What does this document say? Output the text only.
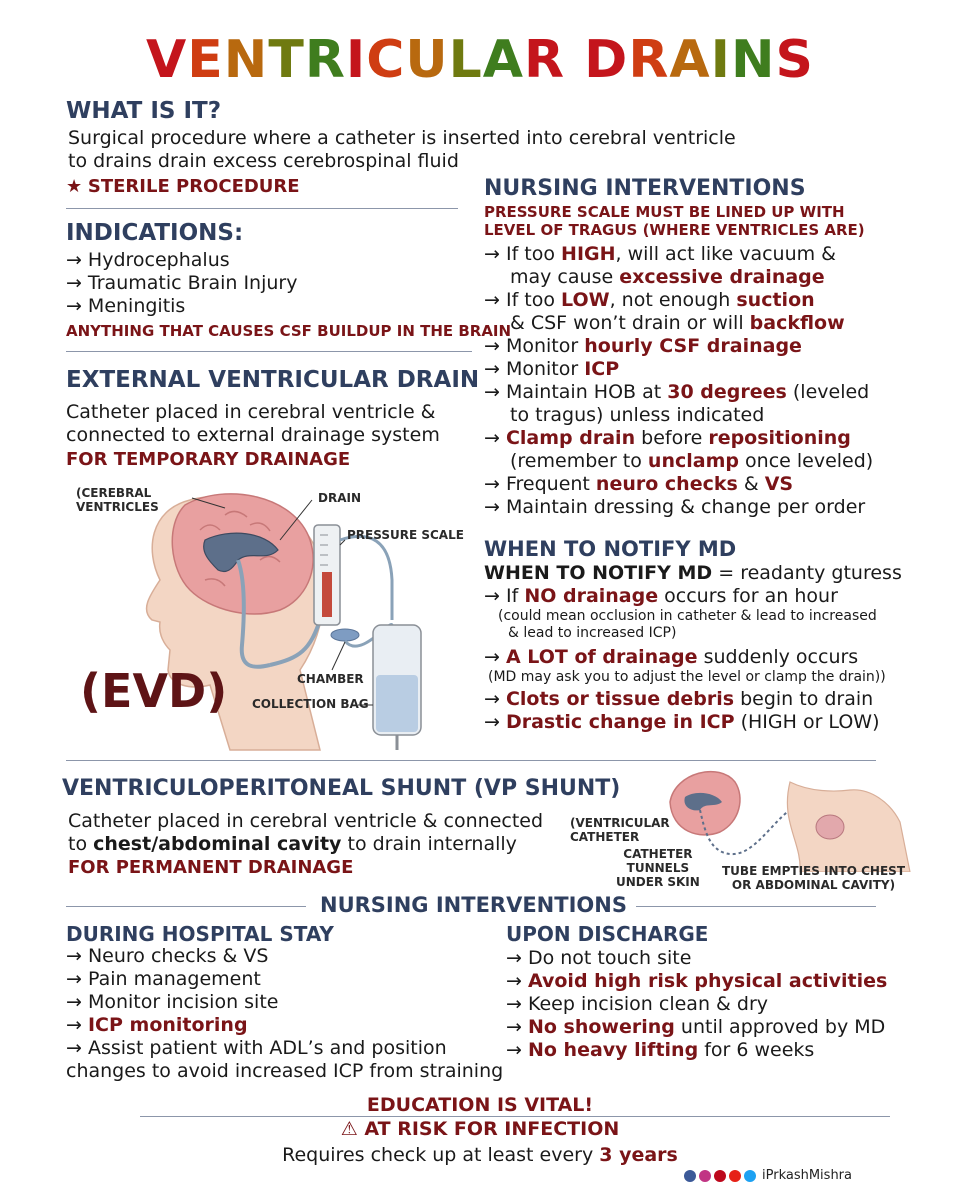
VENTRICULAR DRAINS
WHAT IS IT?
Surgical procedure where a catheter is inserted into cerebral ventricle
to drains drain excess cerebrospinal fluid
★ STERILE PROCEDURE
INDICATIONS:
→ Hydrocephalus
→ Traumatic Brain Injury
→ Meningitis
ANYTHING THAT CAUSES CSF BUILDUP IN THE BRAIN
EXTERNAL VENTRICULAR DRAIN
Catheter placed in cerebral ventricle &
connected to external drainage system
FOR TEMPORARY DRAINAGE
(CEREBRAL
VENTRICLES
DRAIN
PRESSURE SCALE
CHAMBER
COLLECTION BAG
(EVD)
NURSING INTERVENTIONS
PRESSURE SCALE MUST BE LINED UP WITH
LEVEL OF TRAGUS (WHERE VENTRICLES ARE)
→ If too HIGH, will act like vacuum &
may cause excessive drainage
→ If too LOW, not enough suction
& CSF won’t drain or will backflow
→ Monitor hourly CSF drainage
→ Monitor ICP
→ Maintain HOB at 30 degrees (leveled
to tragus) unless indicated
→ Clamp drain before repositioning
(remember to unclamp once leveled)
→ Frequent neuro checks & VS
→ Maintain dressing & change per order
WHEN TO NOTIFY MD
WHEN TO NOTIFY MD = readanty gturess
→ If NO drainage occurs for an hour
(could mean occlusion in catheter & lead to increased
& lead to increased ICP)
→ A LOT of drainage suddenly occurs
(MD may ask you to adjust the level or clamp the drain))
→ Clots or tissue debris begin to drain
→ Drastic change in ICP (HIGH or LOW)
VENTRICULOPERITONEAL SHUNT (VP SHUNT)
Catheter placed in cerebral ventricle & connected
to chest/abdominal cavity to drain internally
FOR PERMANENT DRAINAGE
(VENTRICULAR
CATHETER
CATHETER
TUNNELS
UNDER SKIN
TUBE EMPTIES INTO CHEST
OR ABDOMINAL CAVITY)
NURSING INTERVENTIONS
DURING HOSPITAL STAY
→ Neuro checks & VS
→ Pain management
→ Monitor incision site
→ ICP monitoring
→ Assist patient with ADL’s and position
changes to avoid increased ICP from straining
UPON DISCHARGE
→ Do not touch site
→ Avoid high risk physical activities
→ Keep incision clean & dry
→ No showering until approved by MD
→ No heavy lifting for 6 weeks
EDUCATION IS VITAL!
⚠ AT RISK FOR INFECTION
Requires check up at least every 3 years
iPrkashMishra
